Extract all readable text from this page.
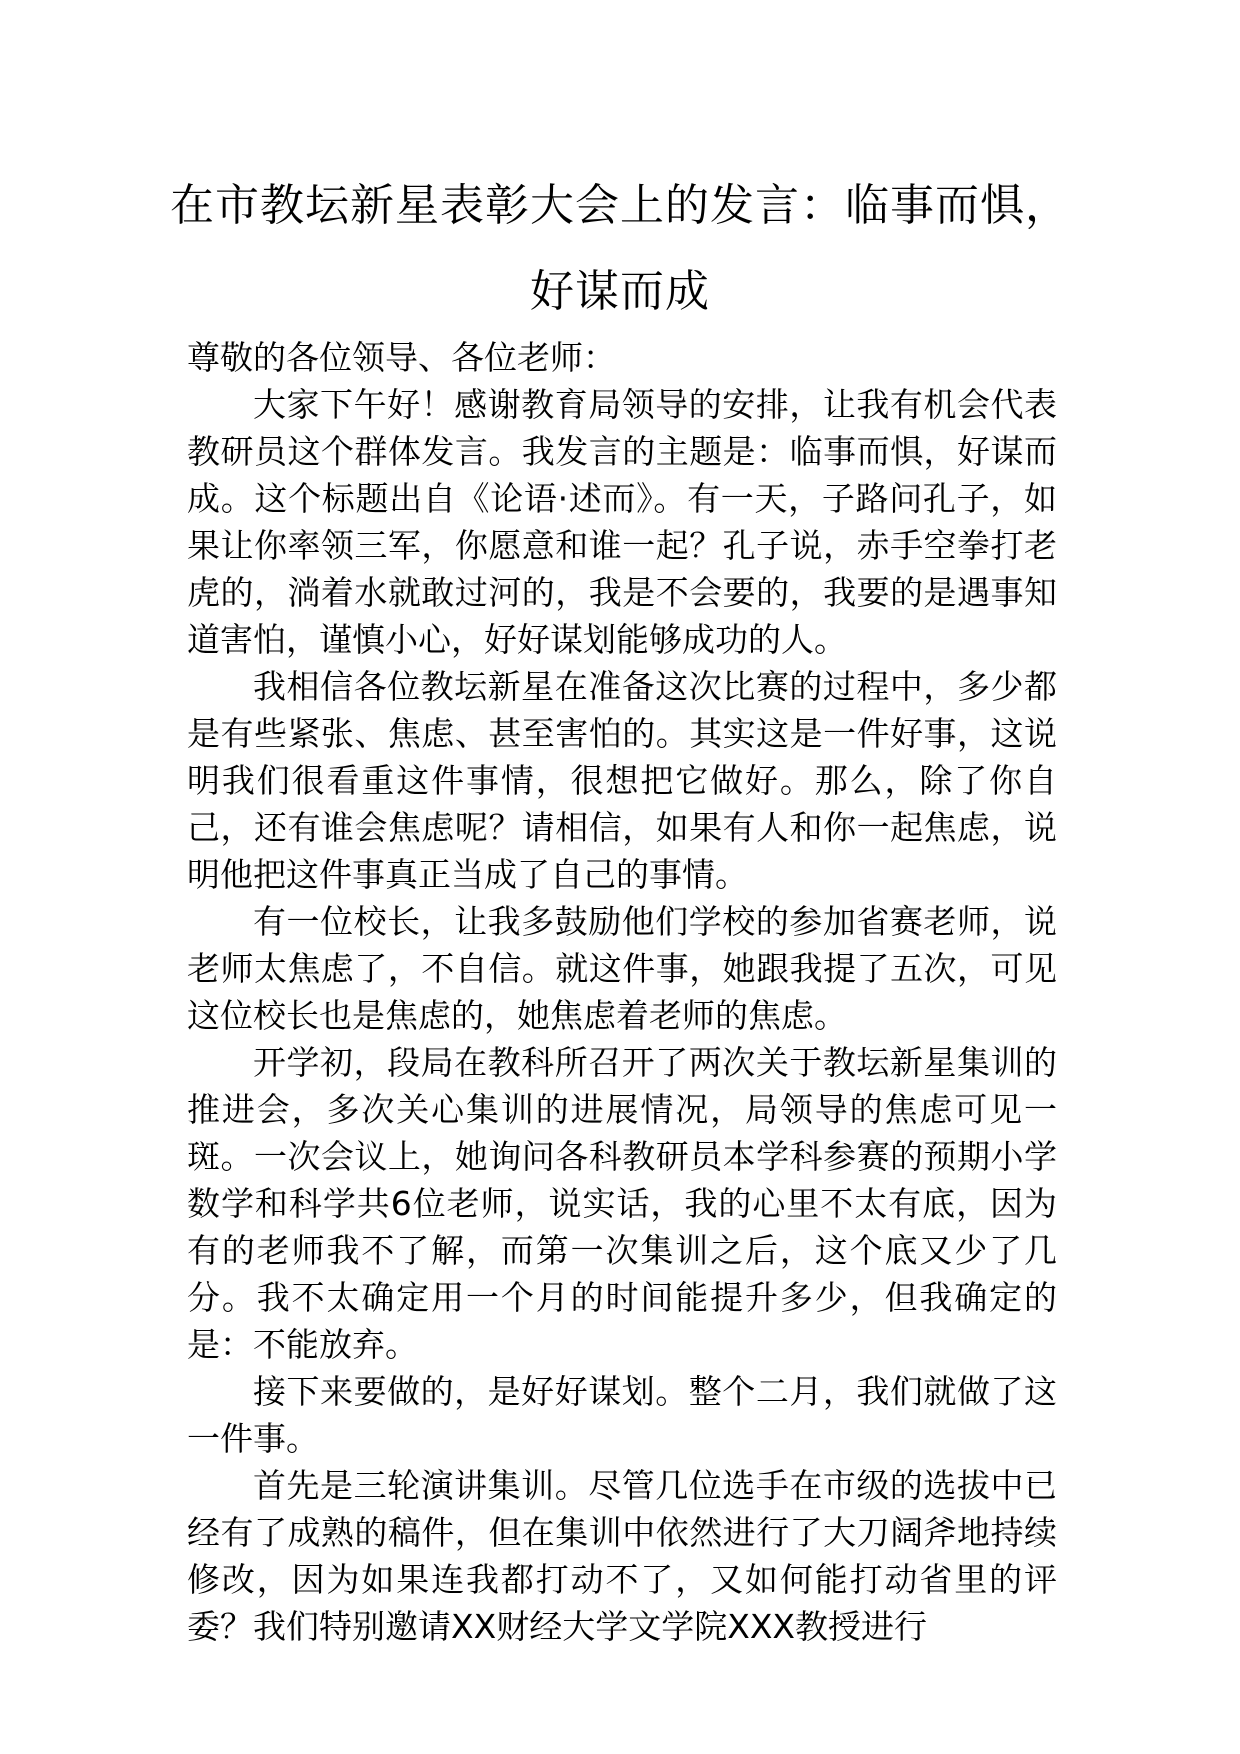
在市教坛新星表彰大会上的发言：临事而惧，好谋而成

尊敬的各位领导、各位老师：

大家下午好！感谢教育局领导的安排，让我有机会代表教研员这个群体发言。我发言的主题是：临事而惧，好谋而成。这个标题出自《论语·述而》。有一天，子路问孔子，如果让你率领三军，你愿意和谁一起？孔子说，赤手空拳打老虎的，淌着水就敢过河的，我是不会要的，我要的是遇事知道害怕，谨慎小心，好好谋划能够成功的人。

我相信各位教坛新星在准备这次比赛的过程中，多少都是有些紧张、焦虑、甚至害怕的。其实这是一件好事，这说明我们很看重这件事情，很想把它做好。那么，除了你自己，还有谁会焦虑呢？请相信，如果有人和你一起焦虑，说明他把这件事真正当成了自己的事情。

有一位校长，让我多鼓励他们学校的参加省赛老师，说老师太焦虑了，不自信。就这件事，她跟我提了五次，可见这位校长也是焦虑的，她焦虑着老师的焦虑。

开学初，段局在教科所召开了两次关于教坛新星集训的推进会，多次关心集训的进展情况，局领导的焦虑可见一斑。一次会议上，她询问各科教研员本学科参赛的预期小学数学和科学共6位老师，说实话，我的心里不太有底，因为有的老师我不了解，而第一次集训之后，这个底又少了几分。我不太确定用一个月的时间能提升多少，但我确定的是：不能放弃。

接下来要做的，是好好谋划。整个二月，我们就做了这一件事。

首先是三轮演讲集训。尽管几位选手在市级的选拔中已经有了成熟的稿件，但在集训中依然进行了大刀阔斧地持续修改，因为如果连我都打动不了，又如何能打动省里的评委？我们特别邀请XX财经大学文学院XXX教授进行
